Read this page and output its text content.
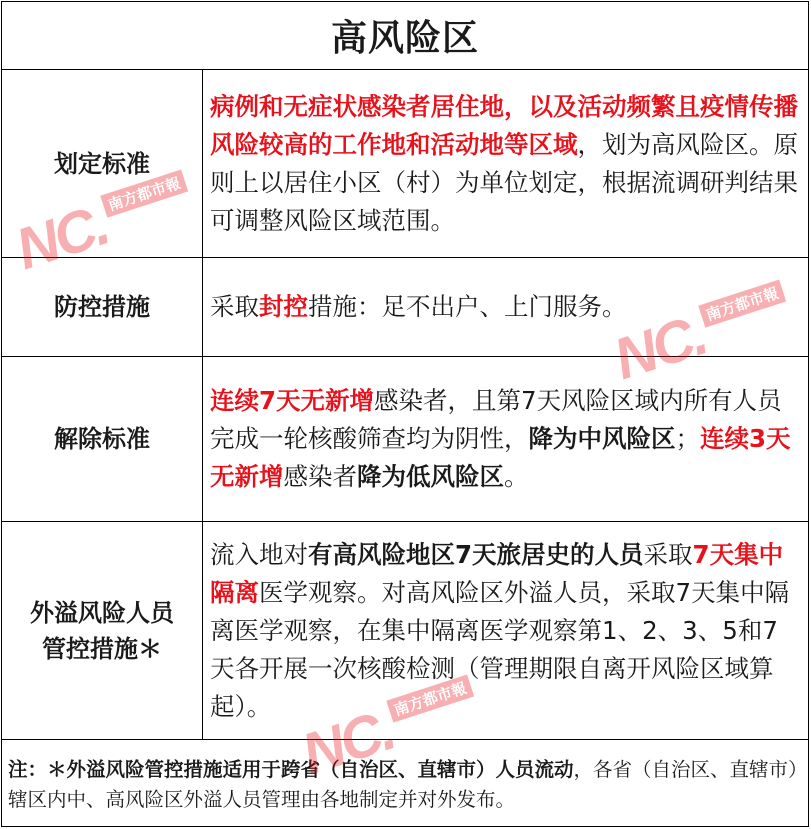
高风险区
划定标准

病例和无症状感染者居住地，以及活动频繁且疫情传播风险较高的工作地和活动地等区域，划为高风险区。原则上以居住小区（村）为单位划定，根据流调研判结果可调整风险区域范围。

防控措施 采取封控措施：足不出户、上门服务。

解除标准

连续7天无新增感染者，且第7天风险区域内所有人员完成一轮核酸筛查均为阴性，降为中风险区；连续3天无新增感染者降为低风险区。

外溢风险人员
管控措施＊

流入地对有高风险地区7天旅居史的人员采取7天集中隔离医学观察。对高风险区外溢人员，采取7天集中隔离医学观察，在集中隔离医学观察第1、2、3、5和7天各开展一次核酸检测（管理期限自离开风险区域算起）。

注：＊外溢风险管控措施适用于跨省（自治区、直辖市）人员流动，各省（自治区、直辖市）辖区内中、高风险区外溢人员管理由各地制定并对外发布。
NC.南方都市報
NC.南方都市報
NC.南方都市報
